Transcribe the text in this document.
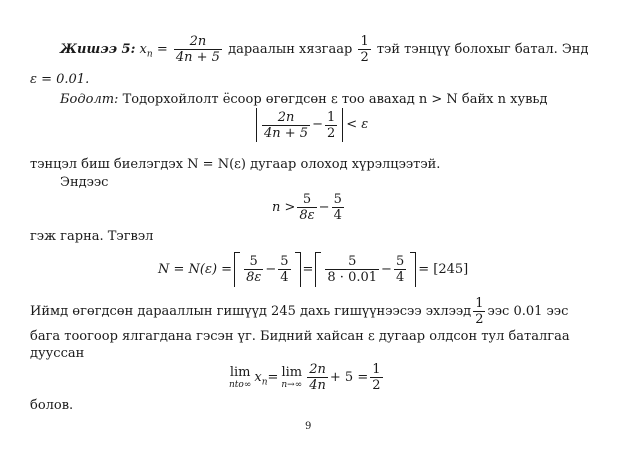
Жишээ 5: $x_n = \frac{2n}{4n + 5}$ дараалын хязгаар $\frac{1}{2}$ тэй тэнцүү болохыг батал. Энд
ε = 0.01.
Бодолт: Тодорхойлолт ёсоор өгөгдсөн ε тоо авахад n > N байх n хувьд
$\frac{2n}{4n + 5} - \frac{1}{2} < \varepsilon$
тэнцэл биш биелэгдэх N = N(ε) дугаар олоход хүрэлцээтэй.
Эндээс
$n > \frac{5}{8\varepsilon} - \frac{5}{4}$
гэж гарна. Тэгвэл
$N = N(\varepsilon) = \frac{5}{8\varepsilon} - \frac{5}{4} = \frac{5}{8 \cdot 0.01} - \frac{5}{4} = [245]$
Иймд өгөгдсөн дарааллын гишүүд 245 дахь гишүүнээсээ эхлээд $\frac{1}{2}$ ээс 0.01 ээс
бага тоогоор ялгагдана гэсэн үг. Бидний хайсан ε дугаар олдсон тул баталгаа
дууссан
lim
ntо∞ $x_n= \lim$
$n\to\infty \frac{2n}{4n} + 5 = \frac{1}{2}$
болов.
9
